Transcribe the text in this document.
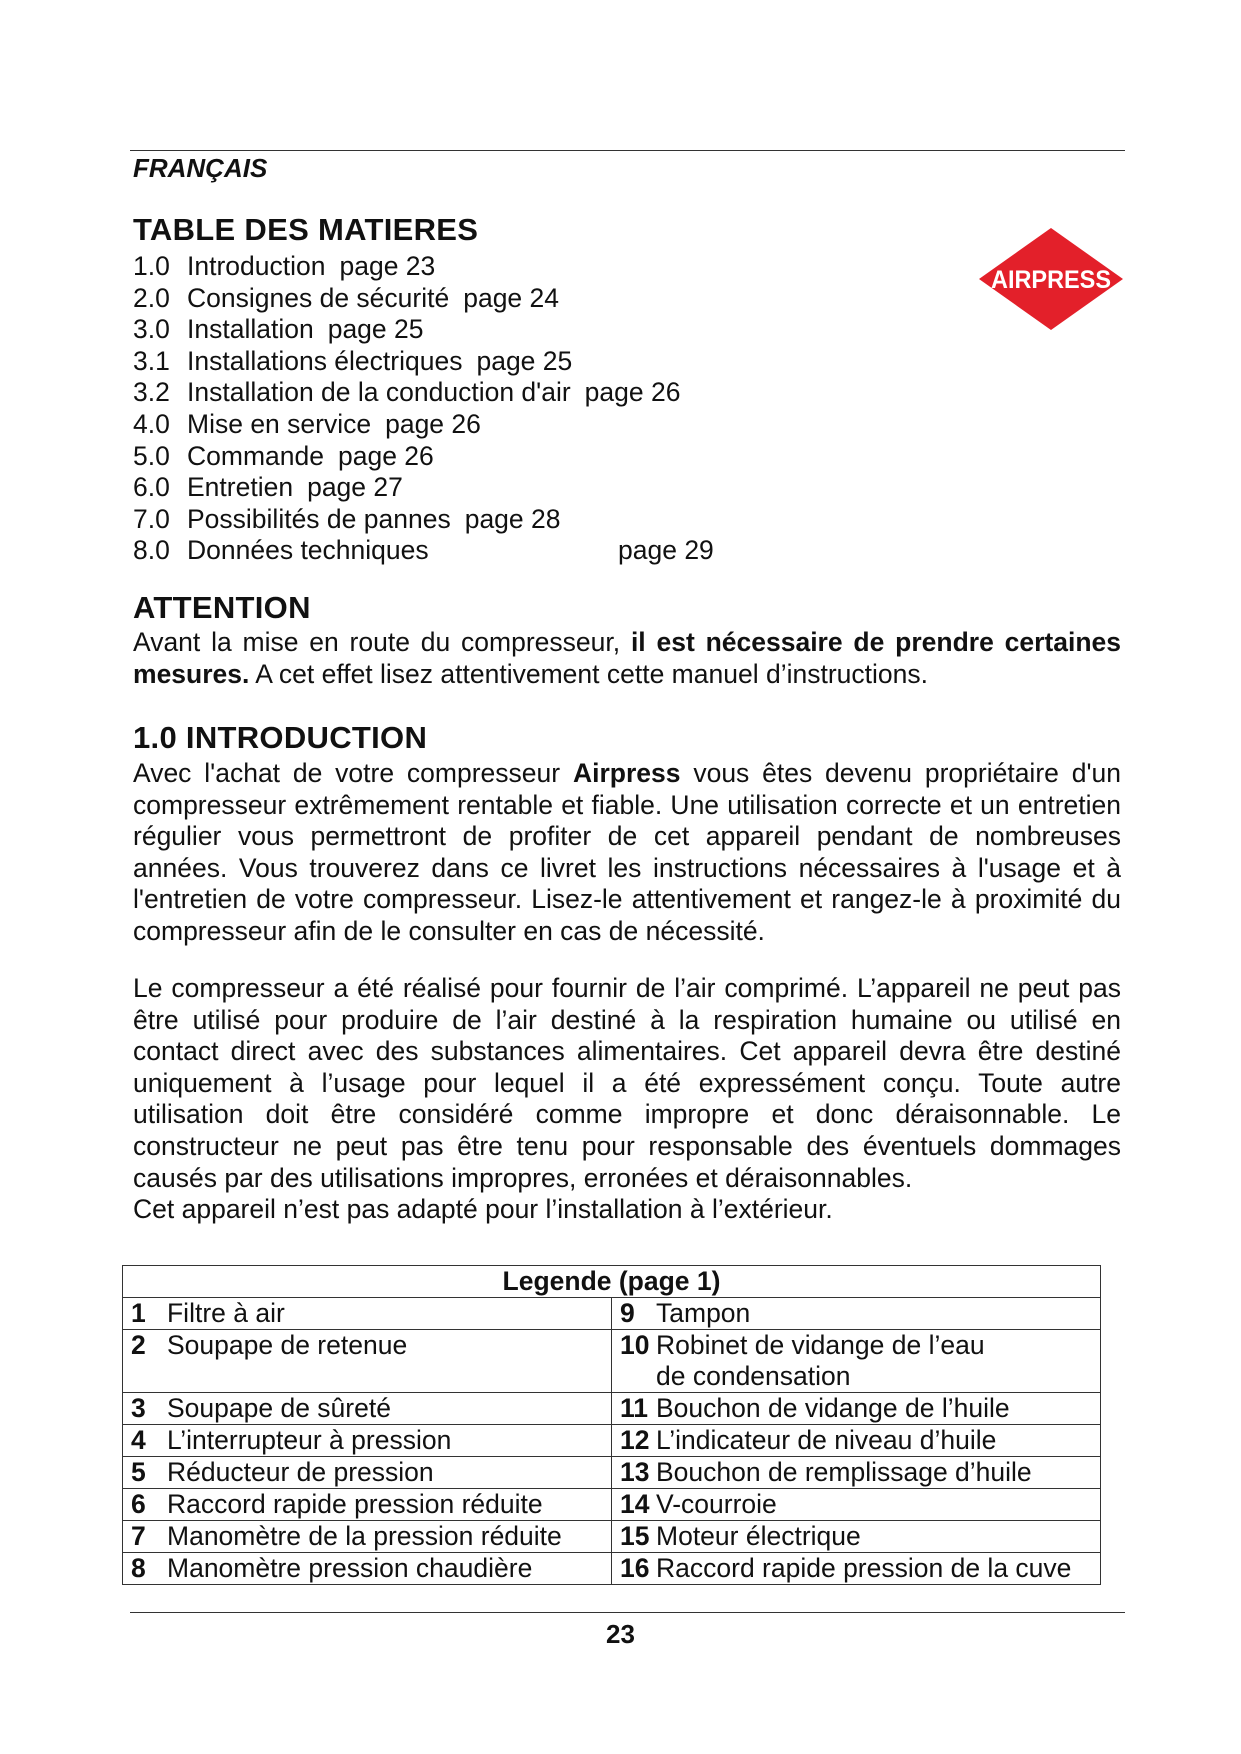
FRANÇAIS
TABLE DES MATIERES
AIRPRESS
1.0 Introduction page 23
2.0 Consignes de sécurité page 24
3.0 Installation page 25
3.1 Installations électriques page 25
3.2 Installation de la conduction d'air page 26
4.0 Mise en service page 26
5.0 Commande page 26
6.0 Entretien page 27
7.0 Possibilités de pannes page 28
8.0 Données techniques	page 29
ATTENTION
Avant la mise en route du compresseur, il est nécessaire de prendre certaines mesures. A cet effet lisez attentivement cette manuel d’instructions.
1.0 INTRODUCTION
Avec l'achat de votre compresseur Airpress vous êtes devenu propriétaire d'un compresseur extrêmement rentable et fiable. Une utilisation correcte et un entretien régulier vous permettront de profiter de cet appareil pendant de nombreuses années. Vous trouverez dans ce livret les instructions nécessaires à l'usage et à l'entretien de votre compresseur. Lisez-le attentivement et rangez-le à proximité du compresseur afin de le consulter en cas de nécessité.
Le compresseur a été réalisé pour fournir de l’air comprimé. L’appareil ne peut pas être utilisé pour produire de l’air destiné à la respiration humaine ou utilisé en contact direct avec des substances alimentaires. Cet appareil devra être destiné uniquement à l’usage pour lequel il a été expressément conçu. Toute autre utilisation doit être considéré comme impropre et donc déraisonnable. Le constructeur ne peut pas être tenu pour responsable des éventuels dommages causés par des utilisations impropres, erronées et déraisonnables.
Cet appareil n’est pas adapté pour l’installation à l’extérieur.
Legende (page 1)	

1 Filtre à air	9 Tampon

2 Soupape de retenue	10 Robinet de vidange de l’eau de condensation

3 Soupape de sûreté	11 Bouchon de vidange de l’huile

4 L’interrupteur à pression	12 L’indicateur de niveau d’huile

5 Réducteur de pression	13 Bouchon de remplissage d’huile

6 Raccord rapide pression réduite	14 V-courroie

7 Manomètre de la pression réduite	15 Moteur électrique

8 Manomètre pression chaudière	16 Raccord rapide pression de la cuve
23
